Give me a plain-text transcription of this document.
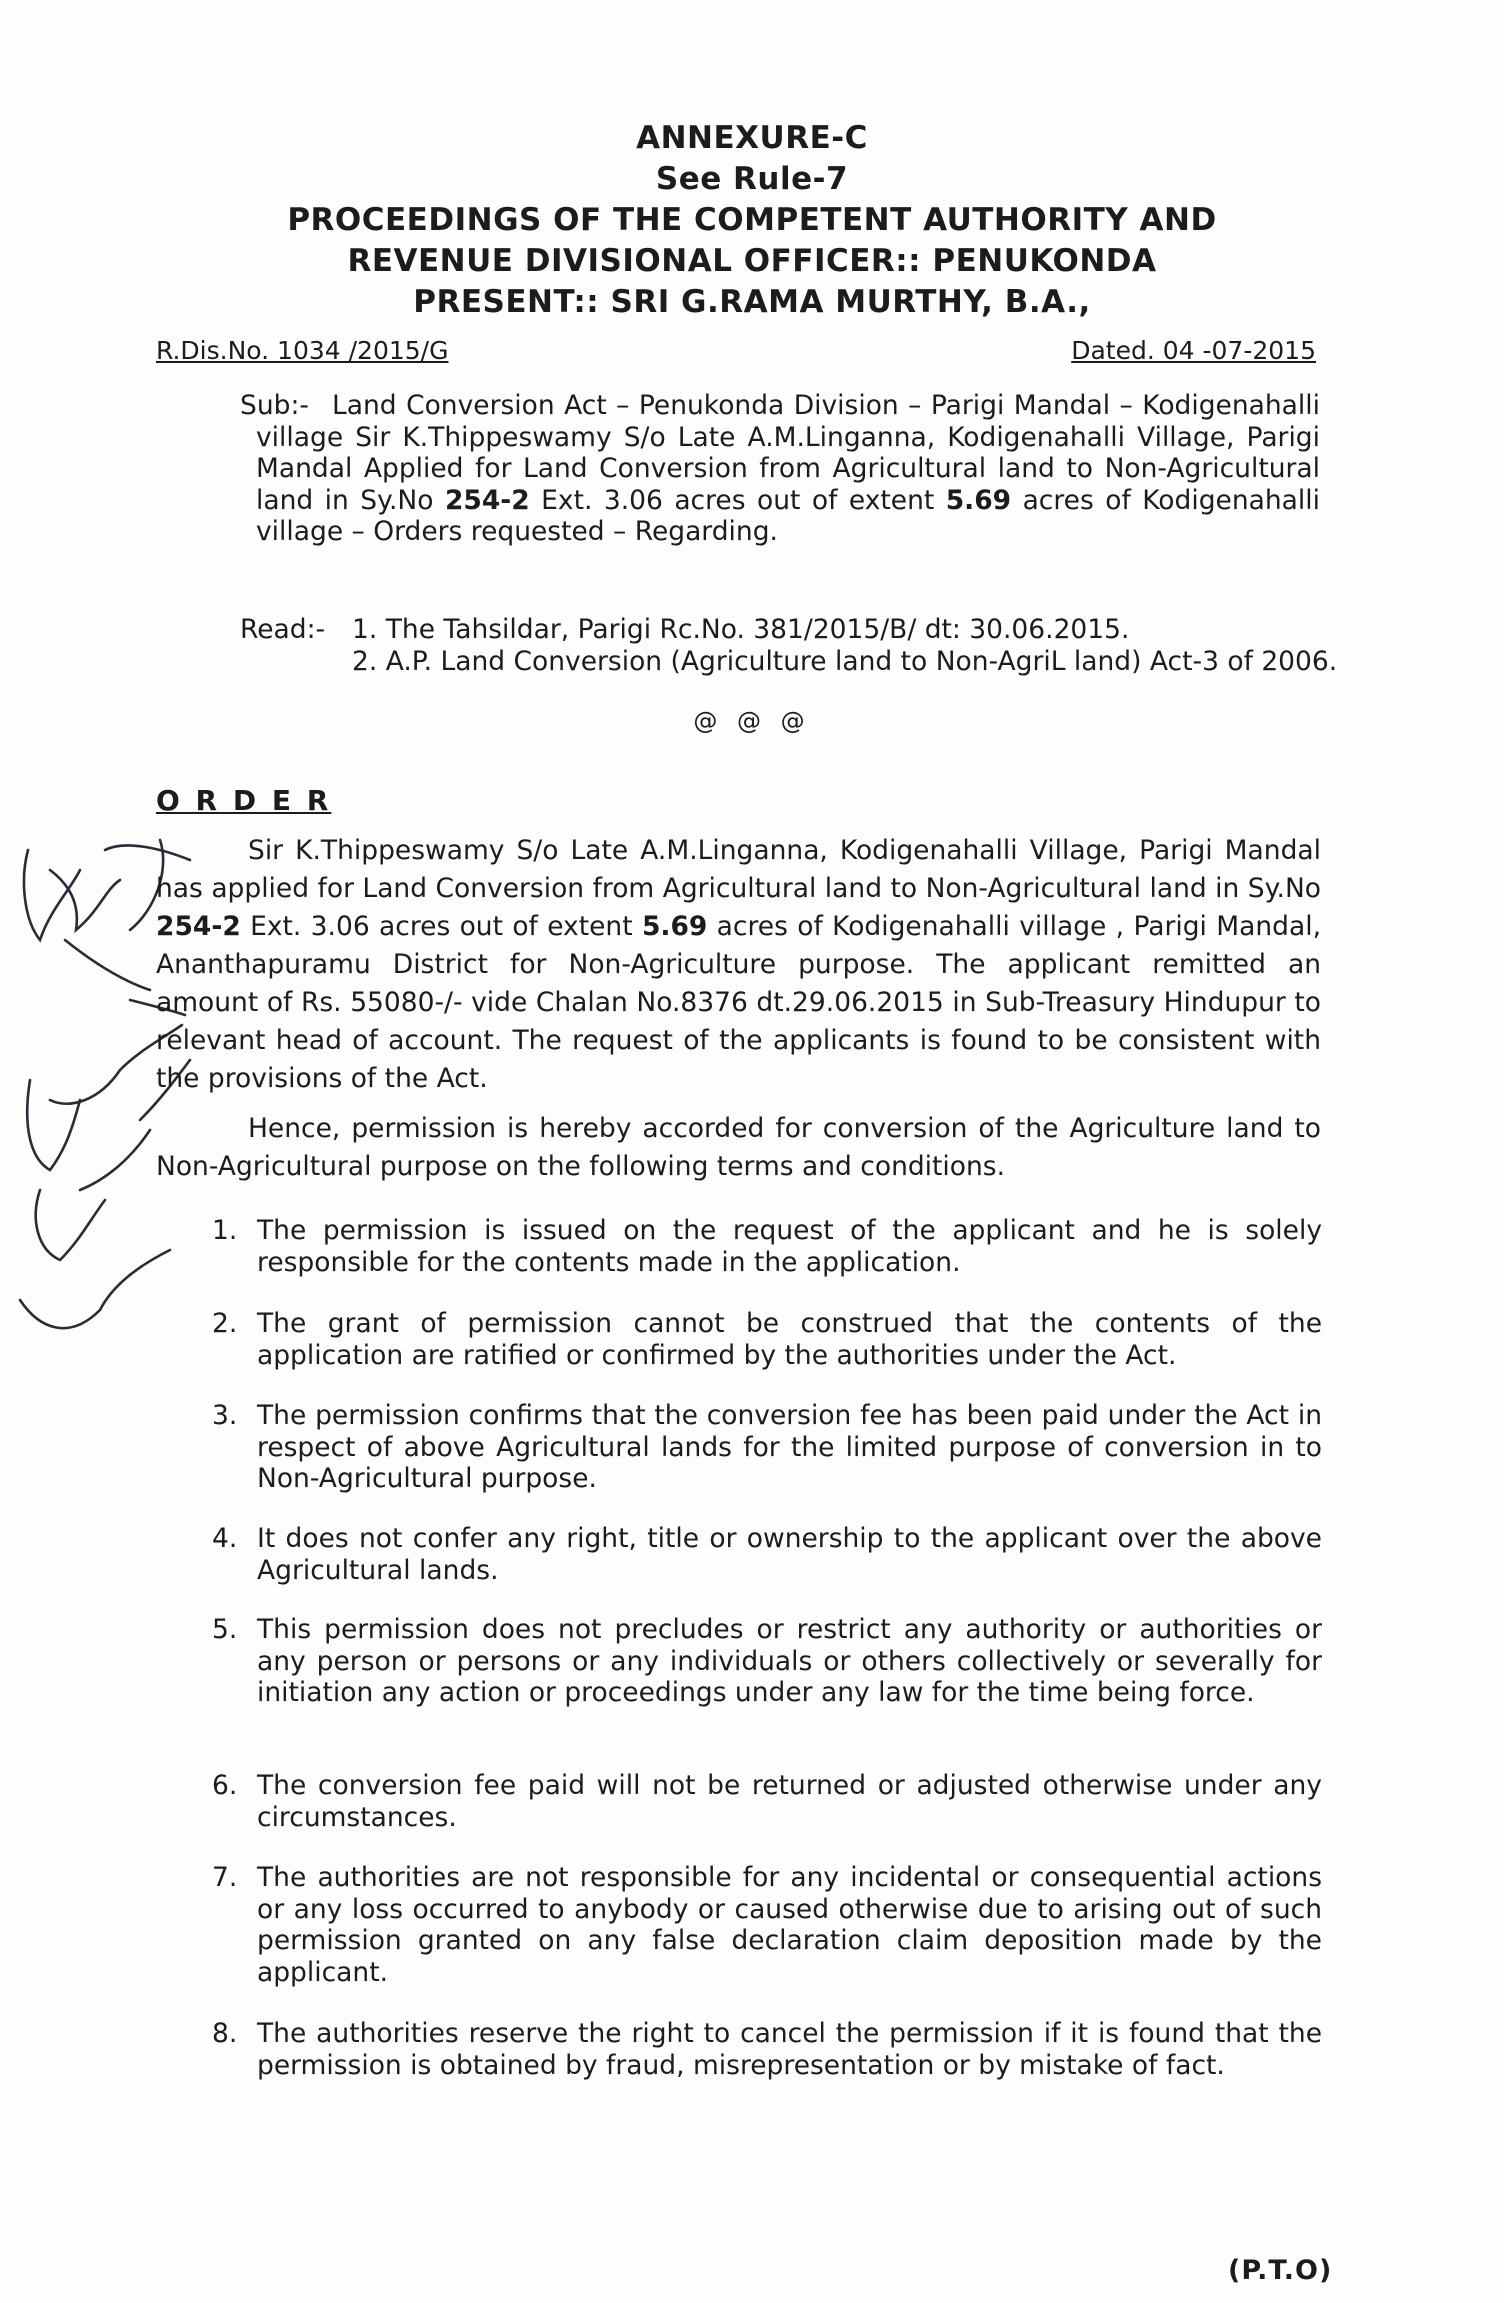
ANNEXURE-C
See Rule-7
PROCEEDINGS OF THE COMPETENT AUTHORITY AND
REVENUE DIVISIONAL OFFICER:: PENUKONDA
PRESENT:: SRI G.RAMA MURTHY, B.A.,
R.Dis.No. 1034 /2015/G	Dated. 04 -07-2015
Sub:- Land Conversion Act – Penukonda Division – Parigi Mandal – Kodigenahalli village Sir K.Thippeswamy S/o Late A.M.Linganna, Kodigenahalli Village, Parigi Mandal Applied for Land Conversion from Agricultural land to Non-Agricultural land in Sy.No 254-2 Ext. 3.06 acres out of extent 5.69 acres of Kodigenahalli village – Orders requested – Regarding.
Read:- 1. The Tahsildar, Parigi Rc.No. 381/2015/B/ dt: 30.06.2015.
2. A.P. Land Conversion (Agriculture land to Non-AgriL land) Act-3 of 2006.
@ @ @
O R D E R
Sir K.Thippeswamy S/o Late A.M.Linganna, Kodigenahalli Village, Parigi Mandal has applied for Land Conversion from Agricultural land to Non-Agricultural land in Sy.No 254-2 Ext. 3.06 acres out of extent 5.69 acres of Kodigenahalli village , Parigi Mandal, Ananthapuramu District for Non-Agriculture purpose. The applicant remitted an amount of Rs. 55080-/- vide Chalan No.8376 dt.29.06.2015 in Sub-Treasury Hindupur to relevant head of account. The request of the applicants is found to be consistent with the provisions of the Act.
Hence, permission is hereby accorded for conversion of the Agriculture land to Non-Agricultural purpose on the following terms and conditions.
1. The permission is issued on the request of the applicant and he is solely responsible for the contents made in the application.
2. The grant of permission cannot be construed that the contents of the application are ratified or confirmed by the authorities under the Act.
3. The permission confirms that the conversion fee has been paid under the Act in respect of above Agricultural lands for the limited purpose of conversion in to Non-Agricultural purpose.
4. It does not confer any right, title or ownership to the applicant over the above Agricultural lands.
5. This permission does not precludes or restrict any authority or authorities or any person or persons or any individuals or others collectively or severally for initiation any action or proceedings under any law for the time being force.
6. The conversion fee paid will not be returned or adjusted otherwise under any circumstances.
7. The authorities are not responsible for any incidental or consequential actions or any loss occurred to anybody or caused otherwise due to arising out of such permission granted on any false declaration claim deposition made by the applicant.
8. The authorities reserve the right to cancel the permission if it is found that the permission is obtained by fraud, misrepresentation or by mistake of fact.
(P.T.O)
